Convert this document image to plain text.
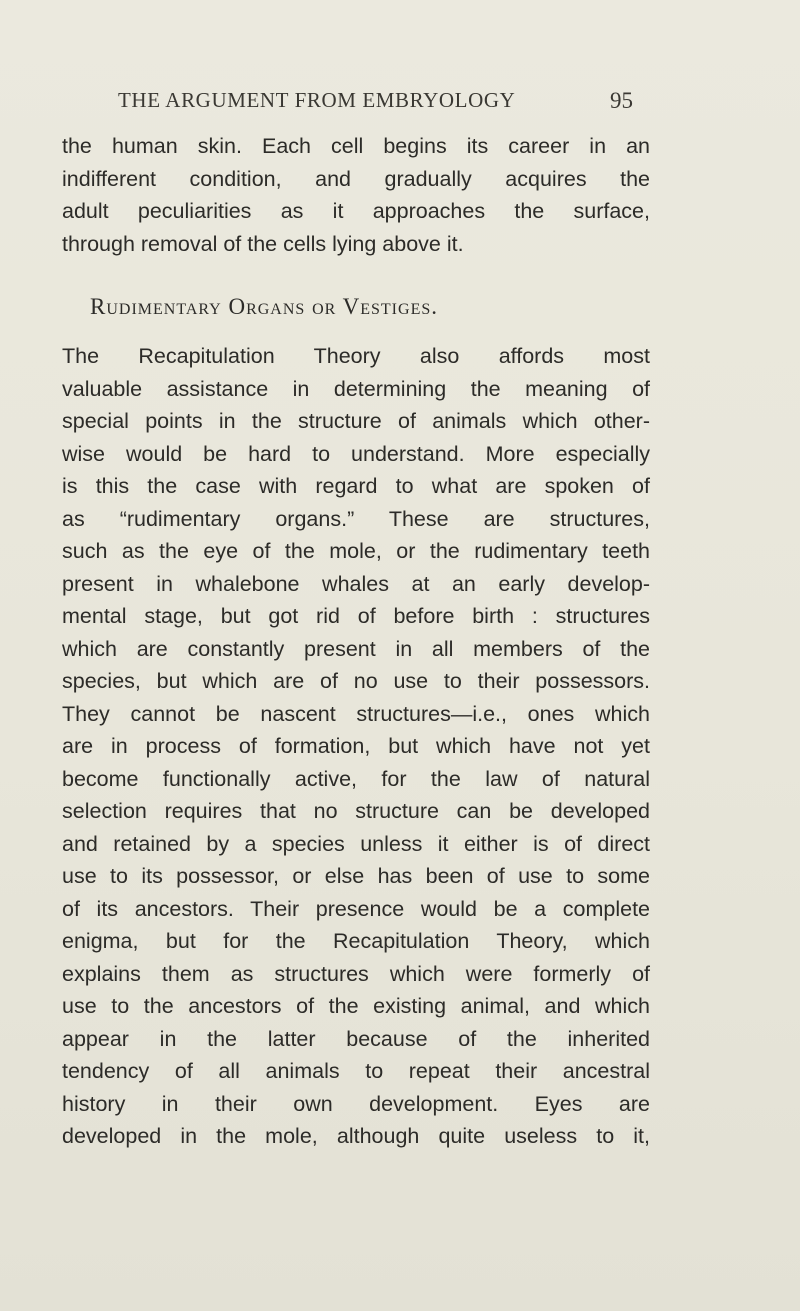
THE ARGUMENT FROM EMBRYOLOGY	95
the human skin. Each cell begins its career in an
indifferent condition, and gradually acquires the
adult peculiarities as it approaches the surface,
through removal of the cells lying above it.
Rudimentary Organs or Vestiges.
The Recapitulation Theory also affords most
valuable assistance in determining the meaning of
special points in the structure of animals which other-
wise would be hard to understand. More especially
is this the case with regard to what are spoken of
as “rudimentary organs.” These are structures,
such as the eye of the mole, or the rudimentary teeth
present in whalebone whales at an early develop-
mental stage, but got rid of before birth : structures
which are constantly present in all members of the
species, but which are of no use to their possessors.
They cannot be nascent structures—i.e., ones which
are in process of formation, but which have not yet
become functionally active, for the law of natural
selection requires that no structure can be developed
and retained by a species unless it either is of direct
use to its possessor, or else has been of use to some
of its ancestors. Their presence would be a complete
enigma, but for the Recapitulation Theory, which
explains them as structures which were formerly of
use to the ancestors of the existing animal, and which
appear in the latter because of the inherited
tendency of all animals to repeat their ancestral
history in their own development. Eyes are
developed in the mole, although quite useless to it,
